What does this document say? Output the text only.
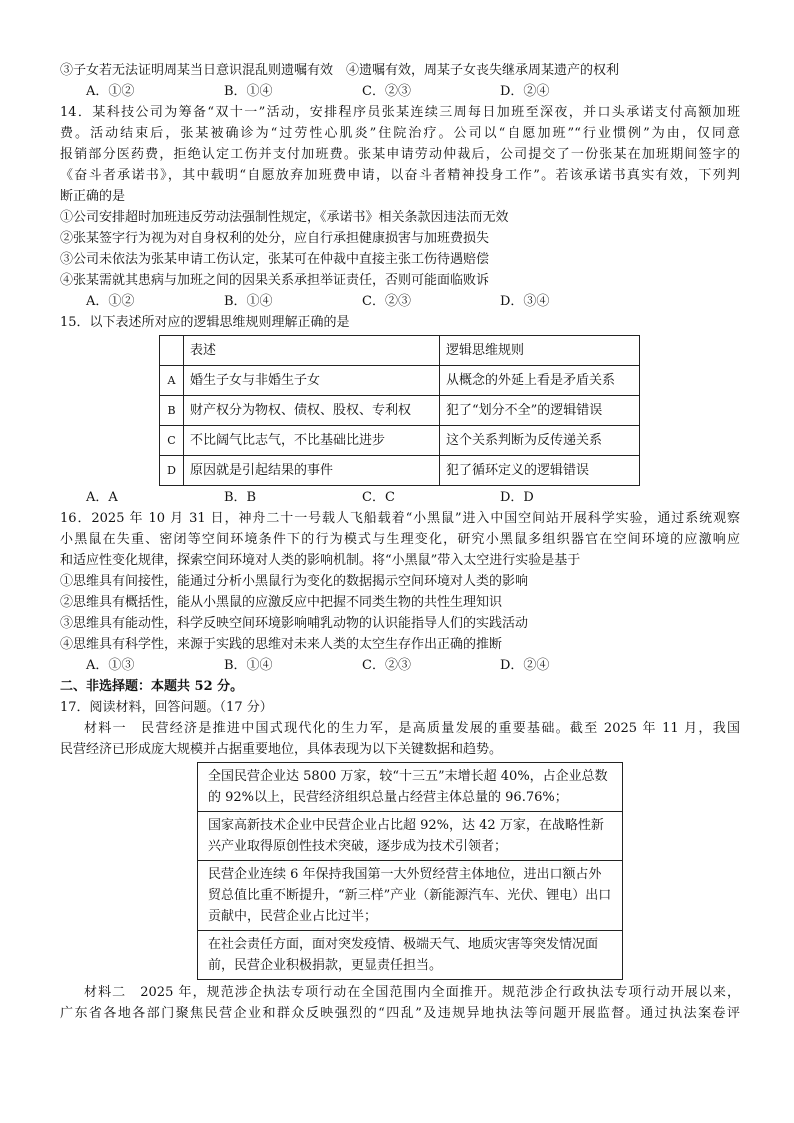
③子女若无法证明周某当日意识混乱则遗嘱有效　④遗嘱有效，周某子女丧失继承周某遗产的权利

A．①②	B．①④	C．②③	D．②④

14．某科技公司为筹备“双十一”活动，安排程序员张某连续三周每日加班至深夜，并口头承诺支付高额加班

费。活动结束后，张某被确诊为“过劳性心肌炎”住院治疗。公司以“自愿加班”“行业惯例”为由，仅同意

报销部分医药费，拒绝认定工伤并支付加班费。张某申请劳动仲裁后，公司提交了一份张某在加班期间签字的

《奋斗者承诺书》，其中载明“自愿放弃加班费申请，以奋斗者精神投身工作”。若该承诺书真实有效，下列判

断正确的是

①公司安排超时加班违反劳动法强制性规定，《承诺书》相关条款因违法而无效

②张某签字行为视为对自身权利的处分，应自行承担健康损害与加班费损失

③公司未依法为张某申请工伤认定，张某可在仲裁中直接主张工伤待遇赔偿

④张某需就其患病与加班之间的因果关系承担举证责任，否则可能面临败诉

A．①②	B．①④	C．②③	D．③④

15．以下表述所对应的逻辑思维规则理解正确的是

	表述	逻辑思维规则
A	婚生子女与非婚生子女	从概念的外延上看是矛盾关系
B	财产权分为物权、债权、股权、专利权	犯了“划分不全”的逻辑错误
C	不比阔气比志气，不比基础比进步	这个关系判断为反传递关系
D	原因就是引起结果的事件	犯了循环定义的逻辑错误
A．A	B．B	C．C	D．D

16．2025 年 10 月 31 日，神舟二十一号载人飞船载着“小黑鼠”进入中国空间站开展科学实验，通过系统观察

小黑鼠在失重、密闭等空间环境条件下的行为模式与生理变化，研究小黑鼠多组织器官在空间环境的应激响应

和适应性变化规律，探索空间环境对人类的影响机制。将“小黑鼠”带入太空进行实验是基于

①思维具有间接性，能通过分析小黑鼠行为变化的数据揭示空间环境对人类的影响

②思维具有概括性，能从小黑鼠的应激反应中把握不同类生物的共性生理知识

③思维具有能动性，科学反映空间环境影响哺乳动物的认识能指导人们的实践活动

④思维具有科学性，来源于实践的思维对未来人类的太空生存作出正确的推断

A．①③	B．①④	C．②③	D．②④

二、非选择题：本题共 52 分。

17．阅读材料，回答问题。（17 分）

材料一　民营经济是推进中国式现代化的生力军，是高质量发展的重要基础。截至 2025 年 11 月，我国

民营经济已形成庞大规模并占据重要地位，具体表现为以下关键数据和趋势。

全国民营企业达 5800 万家，较“十三五”末增长超 40%，占企业总数的 92%以上，民营经济组织总量占经营主体总量的 96.76%；
国家高新技术企业中民营企业占比超 92%，达 42 万家，在战略性新兴产业取得原创性技术突破，逐步成为技术引领者；
民营企业连续 6 年保持我国第一大外贸经营主体地位，进出口额占外贸总值比重不断提升，“新三样”产业（新能源汽车、光伏、锂电）出口贡献中，民营企业占比过半；
在社会责任方面，面对突发疫情、极端天气、地质灾害等突发情况面前，民营企业积极捐款，更显责任担当。

材料二　2025 年，规范涉企执法专项行动在全国范围内全面推开。规范涉企行政执法专项行动开展以来，

广东省各地各部门聚焦民营企业和群众反映强烈的“四乱”及违规异地执法等问题开展监督。通过执法案卷评
